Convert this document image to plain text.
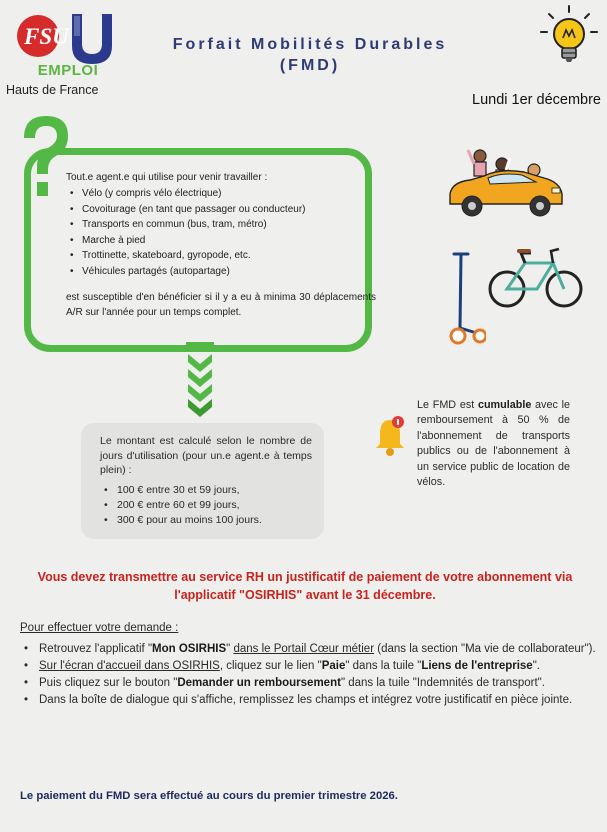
FSU
EMPLOI
Hauts de France
Forfait Mobilités Durables
(FMD)
Lundi 1er décembre
Tout.e agent.e qui utilise pour venir travailler :
• Vélo (y compris vélo électrique)
• Covoiturage (en tant que passager ou conducteur)
• Transports en commun (bus, tram, métro)
• Marche à pied
• Trottinette, skateboard, gyropode, etc.
• Véhicules partagés (autopartage)
est susceptible d'en bénéficier si il y a eu à minima 30 déplacements A/R sur l'année pour un temps complet.
Le montant est calculé selon le nombre de jours d'utilisation (pour un.e agent.e à temps plein) :
• 100 € entre 30 et 59 jours,
• 200 € entre 60 et 99 jours,
• 300 € pour au moins 100 jours.
Le FMD est cumulable avec le remboursement à 50 % de l'abonnement de transports publics ou de l'abonnement à un service public de location de vélos.
Vous devez transmettre au service RH un justificatif de paiement de votre abonnement via l'applicatif "OSIRHIS" avant le 31 décembre.
Pour effectuer votre demande :
• Retrouvez l'applicatif "Mon OSIRHIS" dans le Portail Cœur métier (dans la section "Ma vie de collaborateur").
• Sur l'écran d'accueil dans OSIRHIS, cliquez sur le lien "Paie" dans la tuile "Liens de l'entreprise".
• Puis cliquez sur le bouton "Demander un remboursement" dans la tuile "Indemnités de transport".
• Dans la boîte de dialogue qui s'affiche, remplissez les champs et intégrez votre justificatif en pièce jointe.
Le paiement du FMD sera effectué au cours du premier trimestre 2026.
